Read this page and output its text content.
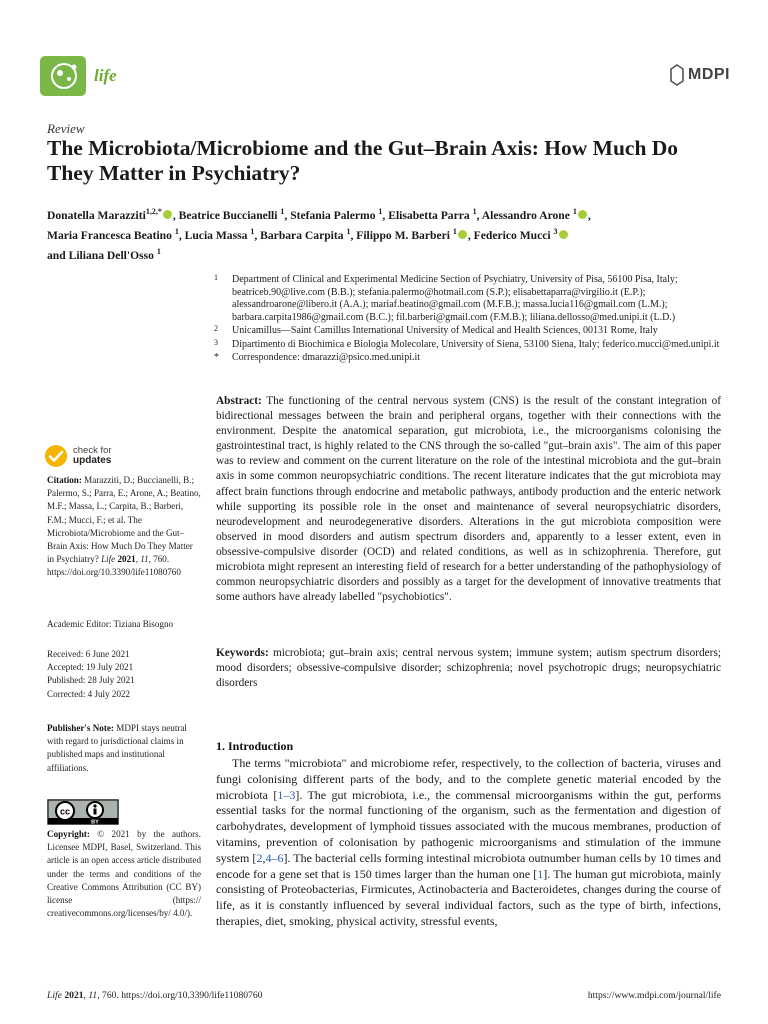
life	MDPI
Review
The Microbiota/Microbiome and the Gut–Brain Axis: How Much Do They Matter in Psychiatry?
Donatella Marazziti$^{1,2,*}$ , Beatrice Buccianelli $^1$, Stefania Palermo $^1$, Elisabetta Parra $^1$, Alessandro Arone $^1$ ,
Maria Francesca Beatino $^1$, Lucia Massa $^1$, Barbara Carpita $^1$, Filippo M. Barberi $^1$ , Federico Mucci $^3$
and Liliana Dell'Osso $^1$
1 Department of Clinical and Experimental Medicine Section of Psychiatry, University of Pisa, 56100 Pisa, Italy; beatriceb.90@live.com (B.B.); stefania.palermo@hotmail.com (S.P.); elisabettaparra@virgilio.it (E.P.); alessandroarone@libero.it (A.A.); mariaf.beatino@gmail.com (M.F.B.); massa.lucia116@gmail.com (L.M.); barbara.carpita1986@gmail.com (B.C.); fil.barberi@gmail.com (F.M.B.); liliana.dellosso@med.unipi.it (L.D.)
2 Unicamillus—Saint Camillus International University of Medical and Health Sciences, 00131 Rome, Italy
3 Dipartimento di Biochimica e Biologia Molecolare, University of Siena, 53100 Siena, Italy; federico.mucci@med.unipi.it
* Correspondence: dmarazzi@psico.med.unipi.it
check for
updates
Citation: Marazziti, D.; Buccianelli, B.; Palermo, S.; Parra, E.; Arone, A.; Beatino, M.F.; Massa, L.; Carpita, B.; Barberi, F.M.; Mucci, F.; et al. The Microbiota/Microbiome and the Gut–Brain Axis: How Much Do They Matter in Psychiatry? Life 2021, 11, 760. https://doi.org/10.3390/life11080760
Academic Editor: Tiziana Bisogno
Received: 6 June 2021
Accepted: 19 July 2021
Published: 28 July 2021
Corrected: 4 July 2022
Publisher's Note: MDPI stays neutral with regard to jurisdictional claims in published maps and institutional affiliations.
cc
BY
Copyright: © 2021 by the authors. Licensee MDPI, Basel, Switzerland. This article is an open access article distributed under the terms and conditions of the Creative Commons Attribution (CC BY) license (https:// creativecommons.org/licenses/by/ 4.0/).
Abstract: The functioning of the central nervous system (CNS) is the result of the constant integration of bidirectional messages between the brain and peripheral organs, together with their connections with the environment. Despite the anatomical separation, gut microbiota, i.e., the microorganisms colonising the gastrointestinal tract, is highly related to the CNS through the so-called "gut–brain axis". The aim of this paper was to review and comment on the current literature on the role of the intestinal microbiota and the gut–brain axis in some common neuropsychiatric conditions. The recent literature indicates that the gut microbiota may affect brain functions through endocrine and metabolic pathways, antibody production and the enteric network while supporting its possible role in the onset and maintenance of several neuropsychiatric disorders, neurodevelopment and neurodegenerative disorders. Alterations in the gut microbiota composition were observed in mood disorders and autism spectrum disorders and, apparently to a lesser extent, even in obsessive-compulsive disorder (OCD) and related conditions, as well as in schizophrenia. Therefore, gut microbiota might represent an interesting field of research for a better understanding of the pathophysiology of common neuropsychiatric disorders and possibly as a target for the development of innovative treatments that some authors have already labelled "psychobiotics".
Keywords: microbiota; gut–brain axis; central nervous system; immune system; autism spectrum disorders; mood disorders; obsessive-compulsive disorder; schizophrenia; novel psychotropic drugs; neuropsychiatric disorders
1. Introduction

The terms "microbiota" and microbiome refer, respectively, to the collection of bacteria, viruses and fungi colonising different parts of the body, and to the complete genetic material encoded by the microbiota [1–3]. The gut microbiota, i.e., the commensal microorganisms within the gut, performs essential tasks for the normal functioning of the organism, such as the fermentation and digestion of carbohydrates, development of lymphoid tissues associated with the mucous membranes, production of vitamins, prevention of colonisation by pathogenic microorganisms and stimulation of the immune system [2,4–6]. The bacterial cells forming intestinal microbiota outnumber human cells by 10 times and encode for a gene set that is 150 times larger than the human one [1]. The human gut microbiota, mainly consisting of Proteobacterias, Firmicutes, Actinobacteria and Bacteroidetes, changes during the course of life, as it is constantly influenced by several individual factors, such as the type of birth, infections, therapies, diet, smoking, physical activity, stressful events,

Life 2021, 11, 760. https://doi.org/10.3390/life11080760	https://www.mdpi.com/journal/life
